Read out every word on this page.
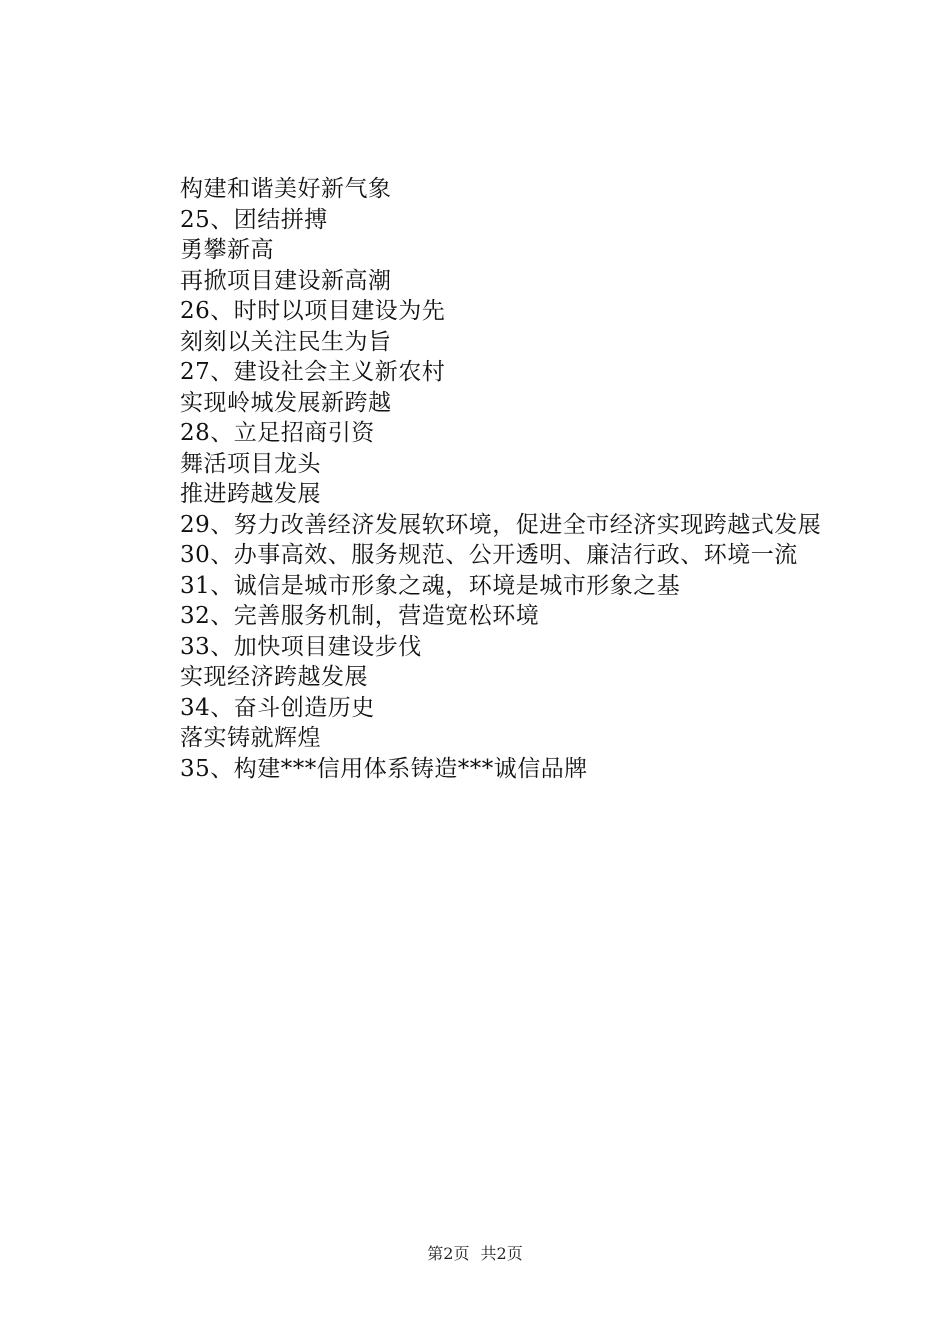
构建和谐美好新气象

25、团结拼搏

勇攀新高

再掀项目建设新高潮

26、时时以项目建设为先

刻刻以关注民生为旨

27、建设社会主义新农村

实现岭城发展新跨越

28、立足招商引资

舞活项目龙头

推进跨越发展

29、努力改善经济发展软环境，促进全市经济实现跨越式发展

30、办事高效、服务规范、公开透明、廉洁行政、环境一流

31、诚信是城市形象之魂，环境是城市形象之基

32、完善服务机制，营造宽松环境

33、加快项目建设步伐

实现经济跨越发展

34、奋斗创造历史

落实铸就辉煌

35、构建***信用体系铸造***诚信品牌

第2页 共2页
